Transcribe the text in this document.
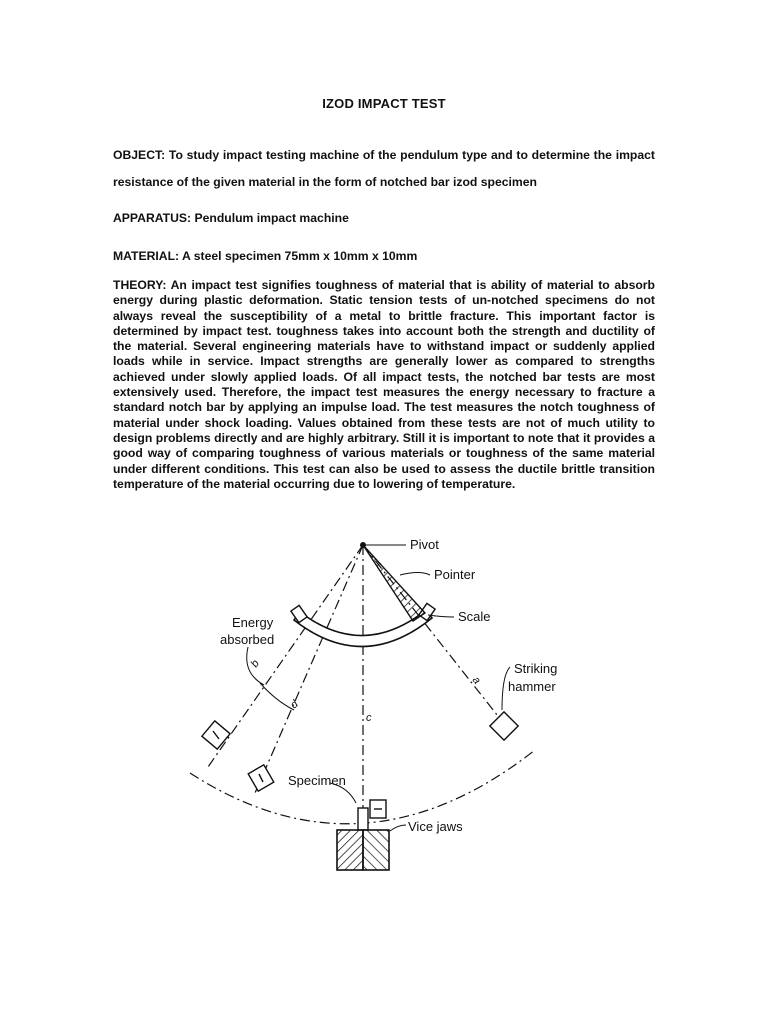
IZOD IMPACT TEST
OBJECT: To study impact testing machine of the pendulum type and to determine the impact resistance of the given material in the form of notched bar izod specimen
APPARATUS: Pendulum impact machine
MATERIAL: A steel specimen 75mm x 10mm x 10mm
THEORY: An impact test signifies toughness of material that is ability of material to absorb energy during plastic deformation. Static tension tests of un-notched specimens do not always reveal the susceptibility of a metal to brittle fracture. This important factor is determined by impact test. toughness takes into account both the strength and ductility of the material. Several engineering materials have to withstand impact or suddenly applied loads while in service. Impact strengths are generally lower as compared to strengths achieved under slowly applied loads. Of all impact tests, the notched bar tests are most extensively used. Therefore, the impact test measures the energy necessary to fracture a standard notch bar by applying an impulse load. The test measures the notch toughness of material under shock loading. Values obtained from these tests are not of much utility to design problems directly and are highly arbitrary. Still it is important to note that it provides a good way of comparing toughness of various materials or toughness of the same material under different conditions. This test can also be used to assess the ductile brittle transition temperature of the material occurring due to lowering of temperature.
Pivot
Pointer
Scale
Energy
absorbed
Striking
hammer
Specimen
Vice jaws
a
b
c
d
